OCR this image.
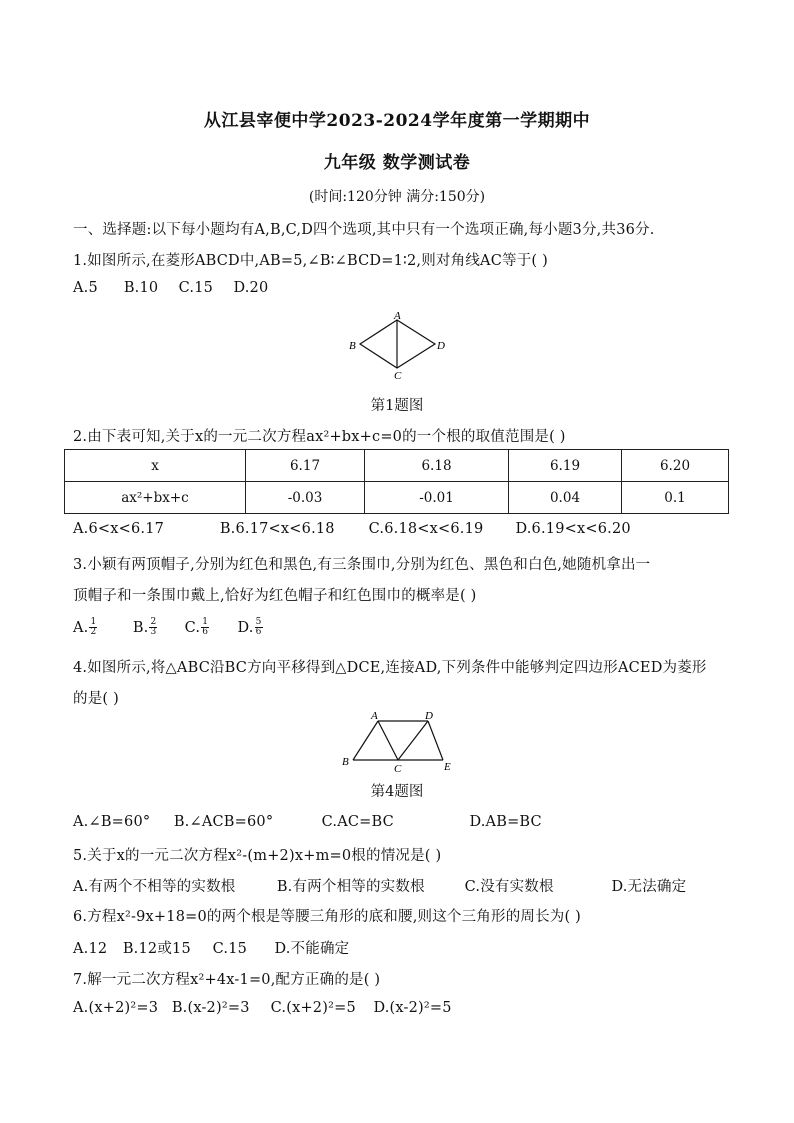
从江县宰便中学2023-2024学年度第一学期期中
九年级 数学测试卷
(时间:120分钟 满分:150分)
一、选择题:以下每小题均有A,B,C,D四个选项,其中只有一个选项正确,每小题3分,共36分.
1.如图所示,在菱形ABCD中,AB=5,∠B∶∠BCD=1∶2,则对角线AC等于( )
A.5 B.10 C.15 D.20
A
B
C
D
第1题图
2.由下表可知,关于x的一元二次方程ax²+bx+c=0的一个根的取值范围是( )
x	6.17	6.18	6.19	6.20
ax²+bx+c	-0.03	-0.01	0.04	0.1
A.6<x<6.17	B.6.17<x<6.18 C.6.18<x<6.19 D.6.19<x<6.20
3.小颖有两顶帽子,分别为红色和黑色,有三条围巾,分别为红色、黑色和白色,她随机拿出一
顶帽子和一条围巾戴上,恰好为红色帽子和红色围巾的概率是( )
A. $\frac{1}{2} B$. $\frac{2}{3} C$. $\frac{1}{6} D$. $\frac{5}{6}$
4.如图所示,将△ABC沿BC方向平移得到△DCE,连接AD,下列条件中能够判定四边形ACED为菱形
的是( )
A
B
C
D
E
第4题图
A.∠B=60° B.∠ACB=60°	C.AC=BC	D.AB=BC
5.关于x的一元二次方程x²-(m+2)x+m=0根的情况是( )
A.有两个不相等的实数根	B.有两个相等的实数根	C.没有实数根	D.无法确定
6.方程x²-9x+18=0的两个根是等腰三角形的底和腰,则这个三角形的周长为( )
A.12 B.12或15 C.15 D.不能确定
7.解一元二次方程x²+4x-1=0,配方正确的是( )
A.(x+2)²=3 B.(x-2)²=3 C.(x+2)²=5 D.(x-2)²=5
